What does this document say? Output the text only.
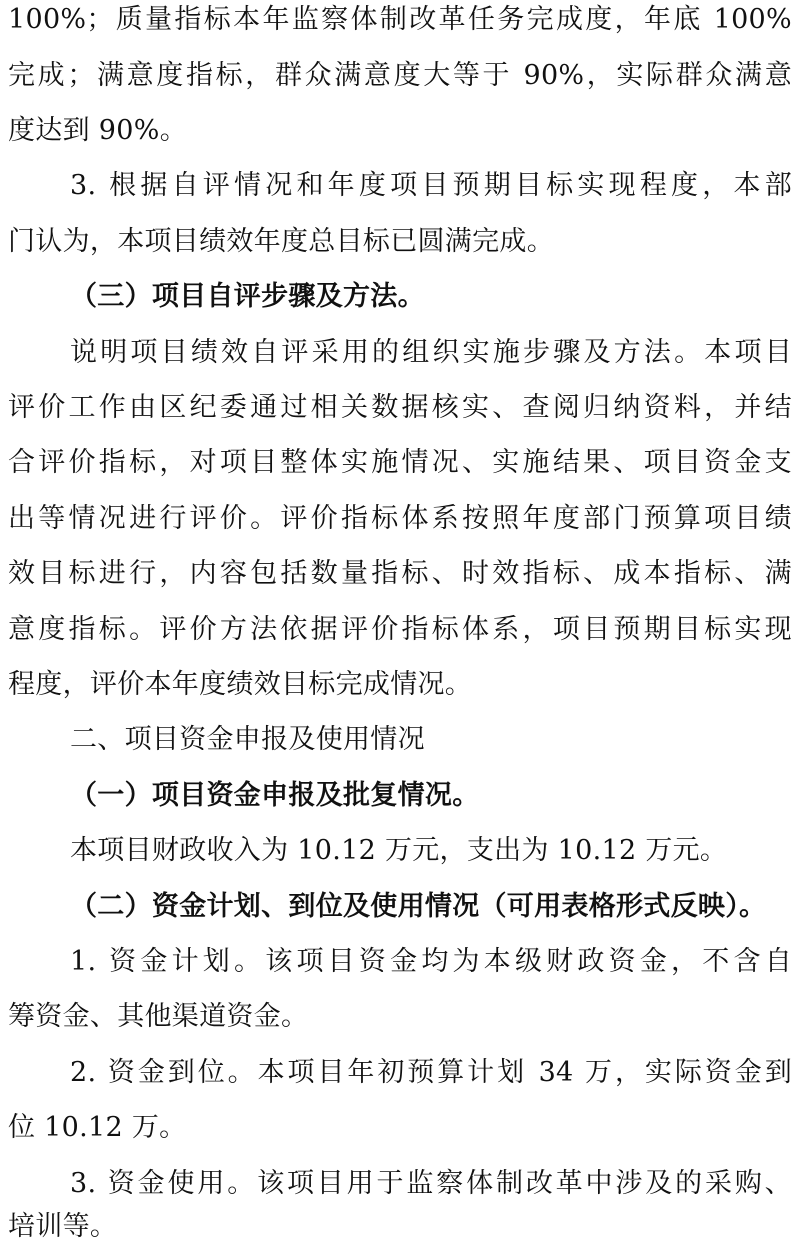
100%；质量指标本年监察体制改革任务完成度，年底 100%

完成；满意度指标，群众满意度大等于 90%，实际群众满意

度达到 90%。

3. 根据自评情况和年度项目预期目标实现程度，本部

门认为，本项目绩效年度总目标已圆满完成。

（三）项目自评步骤及方法。

说明项目绩效自评采用的组织实施步骤及方法。本项目

评价工作由区纪委通过相关数据核实、查阅归纳资料，并结

合评价指标，对项目整体实施情况、实施结果、项目资金支

出等情况进行评价。评价指标体系按照年度部门预算项目绩

效目标进行，内容包括数量指标、时效指标、成本指标、满

意度指标。评价方法依据评价指标体系，项目预期目标实现

程度，评价本年度绩效目标完成情况。

二、项目资金申报及使用情况

（一）项目资金申报及批复情况。

本项目财政收入为 10.12 万元，支出为 10.12 万元。

（二）资金计划、到位及使用情况（可用表格形式反映）。

1. 资金计划。该项目资金均为本级财政资金，不含自

筹资金、其他渠道资金。

2. 资金到位。本项目年初预算计划 34 万，实际资金到

位 10.12 万。

3. 资金使用。该项目用于监察体制改革中涉及的采购、

培训等。
